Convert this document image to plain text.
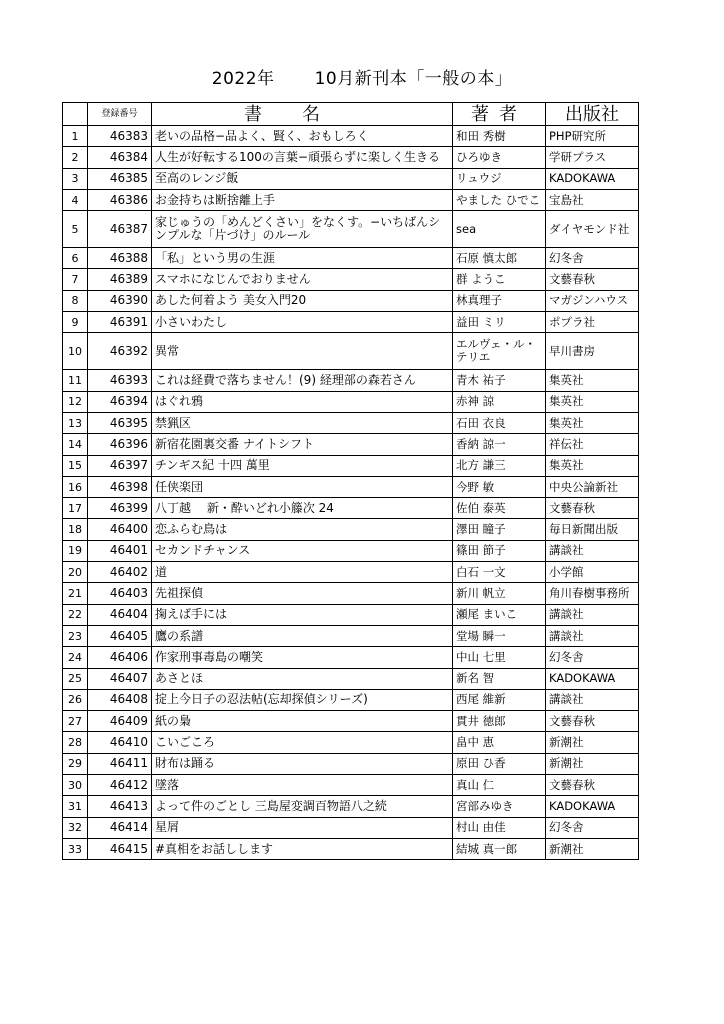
2022年 10月新刊本「一般の本」
	登録番号	書名	著者	出版社
1	46383	老いの品格−品よく、賢く、おもしろく	和田 秀樹	PHP研究所
2	46384	人生が好転する100の言葉−頑張らずに楽しく生きる	ひろゆき	学研プラス
3	46385	至高のレンジ飯	リュウジ	KADOKAWA
4	46386	お金持ちは断捨離上手	やました ひでこ	宝島社
5	46387	家じゅうの「めんどくさい」をなくす。−いちばんシンプルな「片づけ」のルール	sea	ダイヤモンド社
6	46388	「私」という男の生涯	石原 慎太郎	幻冬舎
7	46389	スマホになじんでおりません	群 ようこ	文藝春秋
8	46390	あした何着よう 美女入門20	林真理子	マガジンハウス
9	46391	小さいわたし	益田 ミリ	ポプラ社
10	46392	異常	エルヴェ・ル・テリエ	早川書房
11	46393	これは経費で落ちません！(9) 経理部の森若さん	青木 祐子	集英社
12	46394	はぐれ鴉	赤神 諒	集英社
13	46395	禁猟区	石田 衣良	集英社
14	46396	新宿花園裏交番 ナイトシフト	香納 諒一	祥伝社
15	46397	チンギス紀 十四 萬里	北方 謙三	集英社
16	46398	任侠楽団	今野 敏	中央公論新社
17	46399	八丁越　 新・酔いどれ小籐次 24	佐伯 泰英	文藝春秋
18	46400	恋ふらむ鳥は	澤田 瞳子	毎日新聞出版
19	46401	セカンドチャンス	篠田 節子	講談社
20	46402	道	白石 一文	小学館
21	46403	先祖探偵	新川 帆立	角川春樹事務所
22	46404	掬えば手には	瀬尾 まいこ	講談社
23	46405	鷹の系譜	堂場 瞬一	講談社
24	46406	作家刑事毒島の嘲笑	中山 七里	幻冬舎
25	46407	あさとほ	新名 智	KADOKAWA
26	46408	掟上今日子の忍法帖(忘却探偵シリーズ)	西尾 維新	講談社
27	46409	紙の梟	貫井 徳郎	文藝春秋
28	46410	こいごころ	畠中 恵	新潮社
29	46411	財布は踊る	原田 ひ香	新潮社
30	46412	墜落	真山 仁	文藝春秋
31	46413	よって件のごとし 三島屋変調百物語八之続	宮部みゆき	KADOKAWA
32	46414	星屑	村山 由佳	幻冬舎
33	46415	#真相をお話しします	結城 真一郎	新潮社
